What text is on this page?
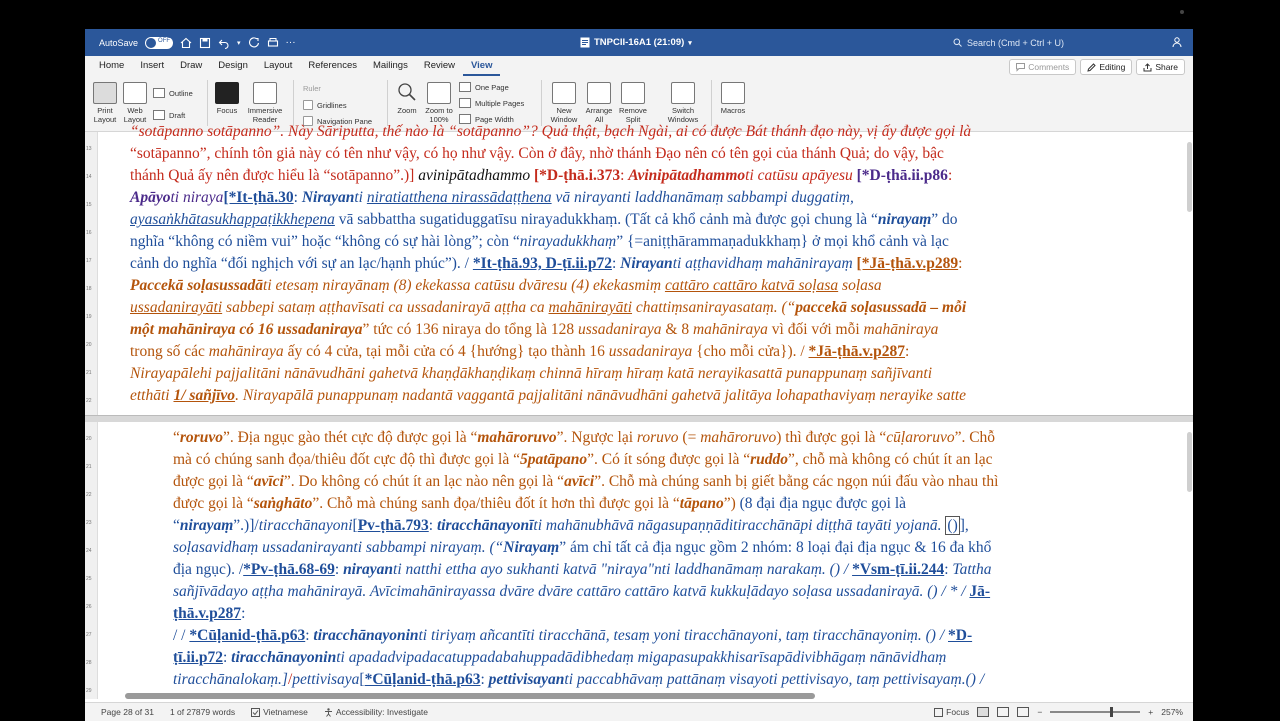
AutoSave	OFF	▾	···	TNPCII-16A1 (21:09) ▾	Search (Cmd + Ctrl + U)
Home	Insert	Draw	Design	Layout	References	Mailings	Review	View	Comments	Editing	Share
Print Layout
Web Layout
Outline
Draft	Focus	Immersive Reader
Ruler
Gridlines
Navigation Pane
Zoom	Zoom to 100%
One Page
Multiple Pages
Page Width
New Window
Arrange All
Remove Split
Switch Windows
Macros
13
14
15
16
17
18
19
20
21
22
“sotāpanno sotāpanno”. Này Sāriputta, thế nào là “sotāpanno”? Quả thật, bạch Ngài, ai có được Bát thánh đạo này, vị ấy được gọi là
“sotāpanno”, chính tôn giả này có tên như vậy, có họ như vậy. Còn ở đây, nhờ thánh Đạo nên có tên gọi của thánh Quả; do vậy, bậc
thánh Quả ấy nên được hiểu là “sotāpanno”.)] avinipātadhammo [*D-ṭhā.i.373: Avinipātadhammoti catūsu apāyesu [*D-ṭhā.ii.p86:
Apāyoti niraya[*It-ṭhā.30: Nirayanti niratiatthena nirassādaṭṭhena vā nirayanti laddhanāmaṃ sabbampi duggatiṃ,
ayasaṅkhātasukhappaṭikkhepena vā sabbattha sugatiduggatīsu nirayadukkhaṃ. (Tất cả khổ cảnh mà được gọi chung là “nirayaṃ” do
nghĩa “không có niềm vui” hoặc “không có sự hài lòng”; còn “nirayadukkhaṃ” {=aniṭṭhārammaṇadukkhaṃ} ở mọi khổ cảnh và lạc
cảnh do nghĩa “đối nghịch với sự an lạc/hạnh phúc”). / *It-ṭhā.93, D-ṭī.ii.p72: Nirayanti aṭṭhavidhaṃ mahānirayaṃ [*Jā-ṭhā.v.p289:
Paccekā soḷasussadāti etesaṃ nirayānaṃ (8) ekekassa catūsu dvāresu (4) ekekasmiṃ cattāro cattāro katvā soḷasa soḷasa
ussadanirayāti sabbepi sataṃ aṭṭhavīsati ca ussadanirayā aṭṭha ca mahānirayāti chattiṃsanirayasataṃ. (“paccekā soḷasussadā – mỗi
một mahāniraya có 16 ussadaniraya” tức có 136 niraya do tổng là 128 ussadaniraya & 8 mahāniraya vì đối với mỗi mahāniraya
trong số các mahāniraya ấy có 4 cửa, tại mỗi cửa có 4 {hướng} tạo thành 16 ussadaniraya {cho mỗi cửa}). / *Jā-ṭhā.v.p287:
Nirayapālehi pajjalitāni nānāvudhāni gahetvā khaṇḍākhaṇḍikaṃ chinnā hīraṃ hīraṃ katā nerayikasattā punappunaṃ sañjīvanti
etthāti 1/ sañjīvo. Nirayapālā punappunaṃ nadantā vaggantā pajjalitāni nānāvudhāni gahetvā jalitāya lohapathaviyaṃ nerayike satte
20
21
22
23
24
25
26
27
28
29
“roruvo”. Địa ngục gào thét cực độ được gọi là “mahāroruvo”. Ngược lại roruvo (= mahāroruvo) thì được gọi là “cūḷaroruvo”. Chỗ
mà có chúng sanh đọa/thiêu đốt cực độ thì được gọi là “5patāpano”. Có ít sóng được gọi là “ruddo”, chỗ mà không có chút ít an lạc
được gọi là “avīci”. Do không có chút ít an lạc nào nên gọi là “avīci”. Chỗ mà chúng sanh bị giết bằng các ngọn núi đấu vào nhau thì
được gọi là “saṅghāto”. Chỗ mà chúng sanh đọa/thiêu đốt ít hơn thì được gọi là “tāpano”) (8 đại địa ngục được gọi là
“nirayaṃ”.)]/tiracchānayoni[Pv-ṭhā.793: tiracchānayonīti mahānubhāvā nāgasupaṇṇāditiracchānāpi diṭṭhā tayāti yojanā. () ],
soḷasavidhaṃ ussadanirayanti sabbampi nirayaṃ. (“Nirayaṃ” ám chỉ tất cả địa ngục gồm 2 nhóm: 8 loại đại địa ngục & 16 đa khổ
địa ngục). /*Pv-ṭhā.68-69: nirayanti natthi ettha ayo sukhanti katvā "niraya"nti laddhanāmaṃ narakaṃ. () / *Vsm-ṭī.ii.244: Tattha
sañjīvādayo aṭṭha mahānirayā. Avīcimahānirayassa dvāre dvāre cattāro cattāro katvā kukkuḷādayo soḷasa ussadanirayā. () / * / Jā-
ṭhā.v.p287:
/ / *Cūḷanid-ṭhā.p63: tiracchānayoninti tiriyaṃ añcantīti tiracchānā, tesaṃ yoni tiracchānayoni, taṃ tiracchānayoniṃ. () / *D-
ṭī.ii.p72: tiracchānayoninti apadadvipadacatuppadabahuppadādibhedaṃ migapasupakkhisarīsapādivibhāgaṃ nānāvidhaṃ
tiracchānalokaṃ.]/pettivisaya[*Cūḷanid-ṭhā.p63: pettivisayanti paccabhāvaṃ pattānaṃ visayoti pettivisayo, taṃ pettivisayaṃ.() /
Page 28 of 31 1 of 27879 words	Vietnamese	Accessibility: Investigate	Focus	−	+ 257%
zoom
